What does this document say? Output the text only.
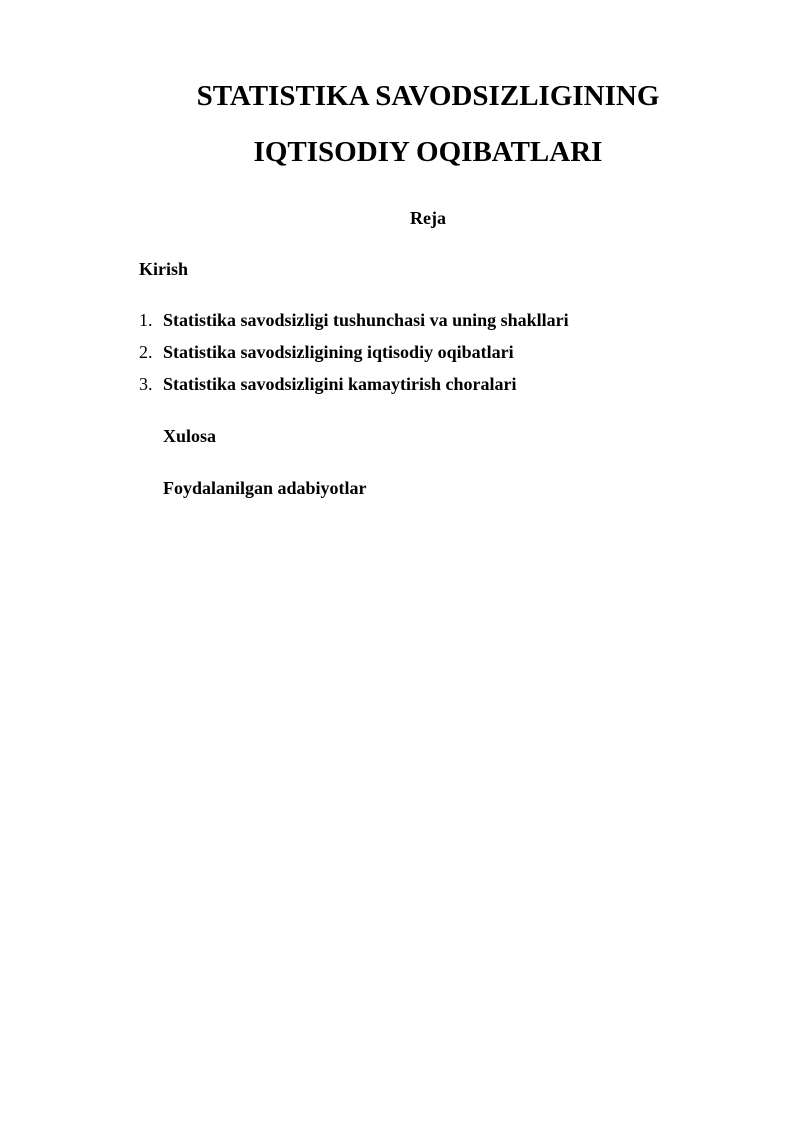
STATISTIKA SAVODSIZLIGINING
IQTISODIY OQIBATLARI
Reja
Kirish
1. Statistika savodsizligi tushunchasi va uning shakllari
2. Statistika savodsizligining iqtisodiy oqibatlari
3. Statistika savodsizligini kamaytirish choralari
Xulosa
Foydalanilgan adabiyotlar
